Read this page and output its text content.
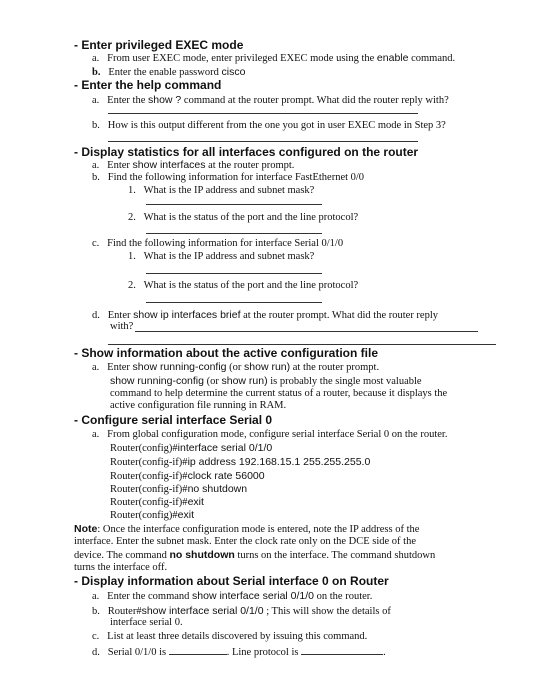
- Enter privileged EXEC mode
a. From user EXEC mode, enter privileged EXEC mode using the enable command.
b. Enter the enable password cisco
- Enter the help command
a. Enter the show ? command at the router prompt. What did the router reply with?
b. How is this output different from the one you got in user EXEC mode in Step 3?
- Display statistics for all interfaces configured on the router
a. Enter show interfaces at the router prompt.
b. Find the following information for interface FastEthernet 0/0
1. What is the IP address and subnet mask?
2. What is the status of the port and the line protocol?
c. Find the following information for interface Serial 0/1/0
1. What is the IP address and subnet mask?
2. What is the status of the port and the line protocol?
d. Enter show ip interfaces brief at the router prompt. What did the router reply
with?
- Show information about the active configuration file
a. Enter show running-config (or show run) at the router prompt.
show running-config (or show run) is probably the single most valuable
command to help determine the current status of a router, because it displays the
active configuration file running in RAM.
- Configure serial interface Serial 0
a. From global configuration mode, configure serial interface Serial 0 on the router.
Router(config)#interface serial 0/1/0
Router(config-if)#ip address 192.168.15.1 255.255.255.0
Router(config-if)#clock rate 56000
Router(config-if)#no shutdown
Router(config-if)#exit
Router(config)#exit
Note: Once the interface configuration mode is entered, note the IP address of the
interface. Enter the subnet mask. Enter the clock rate only on the DCE side of the
device. The command no shutdown turns on the interface. The command shutdown
turns the interface off.
- Display information about Serial interface 0 on Router
a. Enter the command show interface serial 0/1/0 on the router.
b. Router#show interface serial 0/1/0 ; This will show the details of
interface serial 0.
c. List at least three details discovered by issuing this command.
d. Serial 0/1/0 is	. Line protocol is	.
